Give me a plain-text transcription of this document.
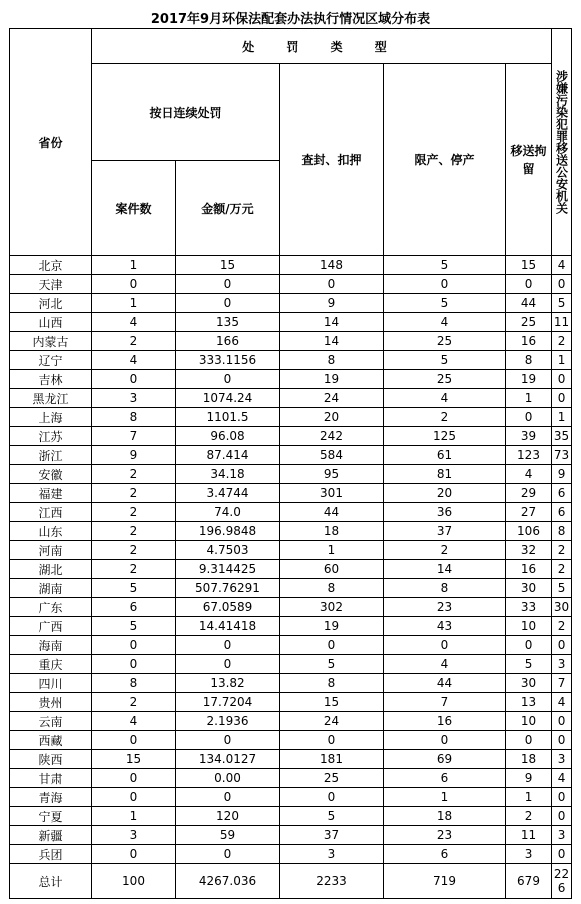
2017年9月环保法配套办法执行情况区域分布表
省份	处 罚 类 型					涉嫌污染犯罪移送公安机关

	按日连续处罚		查封、扣押	限产、停产	移送拘
留	
	案件数	金额/万元				
北京	1	15	148	5	15	4
天津	0	0	0	0	0	0
河北	1	0	9	5	44	5
山西	4	135	14	4	25	11
内蒙古	2	166	14	25	16	2
辽宁	4	333.1156	8	5	8	1
吉林	0	0	19	25	19	0
黑龙江	3	1074.24	24	4	1	0
上海	8	1101.5	20	2	0	1
江苏	7	96.08	242	125	39	35
浙江	9	87.414	584	61	123	73
安徽	2	34.18	95	81	4	9
福建	2	3.4744	301	20	29	6
江西	2	74.0	44	36	27	6
山东	2	196.9848	18	37	106	8
河南	2	4.7503	1	2	32	2
湖北	2	9.314425	60	14	16	2
湖南	5	507.76291	8	8	30	5
广东	6	67.0589	302	23	33	30
广西	5	14.41418	19	43	10	2
海南	0	0	0	0	0	0
重庆	0	0	5	4	5	3
四川	8	13.82	8	44	30	7
贵州	2	17.7204	15	7	13	4
云南	4	2.1936	24	16	10	0
西藏	0	0	0	0	0	0
陕西	15	134.0127	181	69	18	3
甘肃	0	0.00	25	6	9	4
青海	0	0	0	1	1	0
宁夏	1	120	5	18	2	0
新疆	3	59	37	23	11	3
兵团	0	0	3	6	3	0
总计	100	4267.036	2233	719	679	22
6
